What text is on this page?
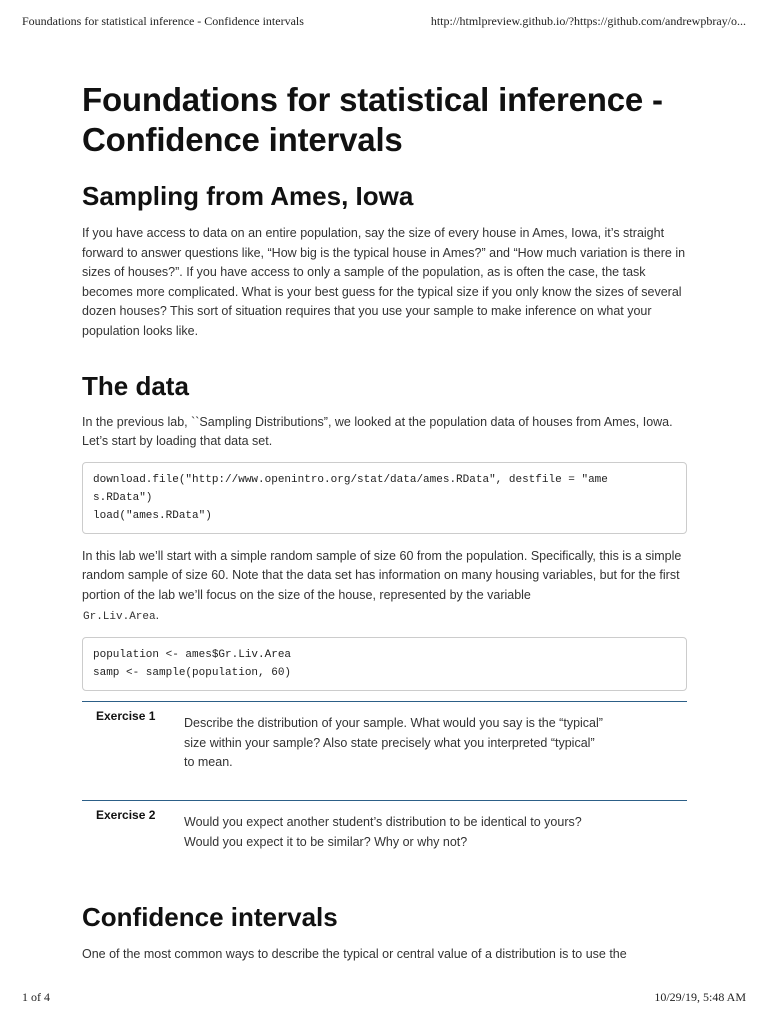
Foundations for statistical inference - Confidence intervals	http://htmlpreview.github.io/?https://github.com/andrewpbray/o...
Foundations for statistical inference -
Confidence intervals
Sampling from Ames, Iowa

If you have access to data on an entire population, say the size of every house in Ames, Iowa, it’s straight forward to answer questions like, “How big is the typical house in Ames?” and “How much variation is there in sizes of houses?”. If you have access to only a sample of the population, as is often the case, the task becomes more complicated. What is your best guess for the typical size if you only know the sizes of several dozen houses? This sort of situation requires that you use your sample to make inference on what your population looks like.

The data

In the previous lab, ``Sampling Distributions”, we looked at the population data of houses from Ames, Iowa. Let’s start by loading that data set.

download.file("http://www.openintro.org/stat/data/ames.RData", destfile = "ame
s.RData")
load("ames.RData")

In this lab we’ll start with a simple random sample of size 60 from the population. Specifically, this is a simple random sample of size 60. Note that the data set has information on many housing variables, but for the first portion of the lab we’ll focus on the size of the house, represented by the variable
Gr.Liv.Area.

population <- ames$Gr.Liv.Area
samp <- sample(population, 60)
Exercise 1 Describe the distribution of your sample. What would you say is the “typical” size within your sample? Also state precisely what you interpreted “typical” to mean.
Exercise 2 Would you expect another student’s distribution to be identical to yours? Would you expect it to be similar? Why or why not?
Confidence intervals

One of the most common ways to describe the typical or central value of a distribution is to use the

1 of 4	10/29/19, 5:48 AM
